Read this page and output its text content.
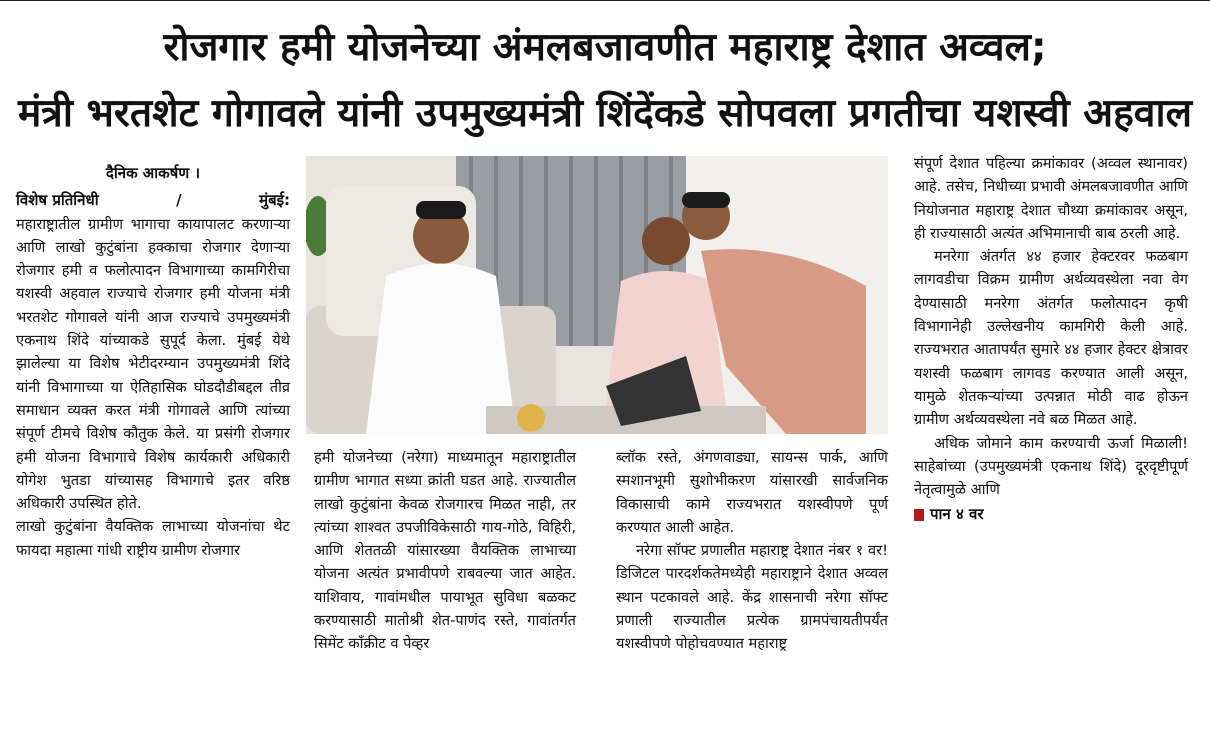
रोजगार हमी योजनेच्या अंमलबजावणीत महाराष्ट्र देशात अव्वल;
मंत्री भरतशेट गोगावले यांनी उपमुख्यमंत्री शिंदेंकडे सोपवला प्रगतीचा यशस्वी अहवाल
दैनिक आकर्षण ।
विशेष प्रतिनिधी	/	मुंबई:

महाराष्ट्रातील ग्रामीण भागाचा कायापालट करणाऱ्या आणि लाखो कुटुंबांना हक्काचा रोजगार देणाऱ्या रोजगार हमी व फलोत्पादन विभागाच्या कामगिरीचा यशस्वी अहवाल राज्याचे रोजगार हमी योजना मंत्री भरतशेट गोगावले यांनी आज राज्याचे उपमुख्यमंत्री एकनाथ शिंदे यांच्याकडे सुपूर्द केला. मुंबई येथे झालेल्या या विशेष भेटीदरम्यान उपमुख्यमंत्री शिंदे यांनी विभागाच्या या ऐतिहासिक घोडदौडीबद्दल तीव्र समाधान व्यक्त करत मंत्री गोगावले आणि त्यांच्या संपूर्ण टीमचे विशेष कौतुक केले. या प्रसंगी रोजगार हमी योजना विभागाचे विशेष कार्यकारी अधिकारी योगेश भुतडा यांच्यासह विभागाचे इतर वरिष्ठ अधिकारी उपस्थित होते.

लाखो कुटुंबांना वैयक्तिक लाभाच्या योजनांचा थेट फायदा महात्मा गांधी राष्ट्रीय ग्रामीण रोजगार

हमी योजनेच्या (नरेगा) माध्यमातून महाराष्ट्रातील ग्रामीण भागात सध्या क्रांती घडत आहे. राज्यातील लाखो कुटुंबांना केवळ रोजगारच मिळत नाही, तर त्यांच्या शाश्वत उपजीविकेसाठी गाय-गोठे, विहिरी, आणि शेततळी यांसारख्या वैयक्तिक लाभाच्या योजना अत्यंत प्रभावीपणे राबवल्या जात आहेत. याशिवाय, गावांमधील पायाभूत सुविधा बळकट करण्यासाठी मातोश्री शेत-पाणंद रस्ते, गावांतर्गत सिमेंट काँक्रीट व पेव्हर

ब्लॉक रस्ते, अंगणवाड्या, सायन्स पार्क, आणि स्मशानभूमी सुशोभीकरण यांसारखी सार्वजनिक विकासाची कामे राज्यभरात यशस्वीपणे पूर्ण करण्यात आली आहेत.

नरेगा सॉफ्ट प्रणालीत महाराष्ट्र देशात नंबर १ वर! डिजिटल पारदर्शकतेमध्येही महाराष्ट्राने देशात अव्वल स्थान पटकावले आहे. केंद्र शासनाची नरेगा सॉफ्ट प्रणाली राज्यातील प्रत्येक ग्रामपंचायतीपर्यंत यशस्वीपणे पोहोचवण्यात महाराष्ट्र

संपूर्ण देशात पहिल्या क्रमांकावर (अव्वल स्थानावर) आहे. तसेच, निधीच्या प्रभावी अंमलबजावणीत आणि नियोजनात महाराष्ट्र देशात चौथ्या क्रमांकावर असून, ही राज्यासाठी अत्यंत अभिमानाची बाब ठरली आहे.

मनरेगा अंतर्गत ४४ हजार हेक्टरवर फळबाग लागवडीचा विक्रम ग्रामीण अर्थव्यवस्थेला नवा वेग देण्यासाठी मनरेगा अंतर्गत फलोत्पादन कृषी विभागानेही उल्लेखनीय कामगिरी केली आहे. राज्यभरात आतापर्यंत सुमारे ४४ हजार हेक्टर क्षेत्रावर यशस्वी फळबाग लागवड करण्यात आली असून, यामुळे शेतकऱ्यांच्या उत्पन्नात मोठी वाढ होऊन ग्रामीण अर्थव्यवस्थेला नवे बळ मिळत आहे.

अधिक जोमाने काम करण्याची ऊर्जा मिळाली! साहेबांच्या (उपमुख्यमंत्री एकनाथ शिंदे) दूरदृष्टीपूर्ण नेतृत्वामुळे आणि

पान ४ वर
